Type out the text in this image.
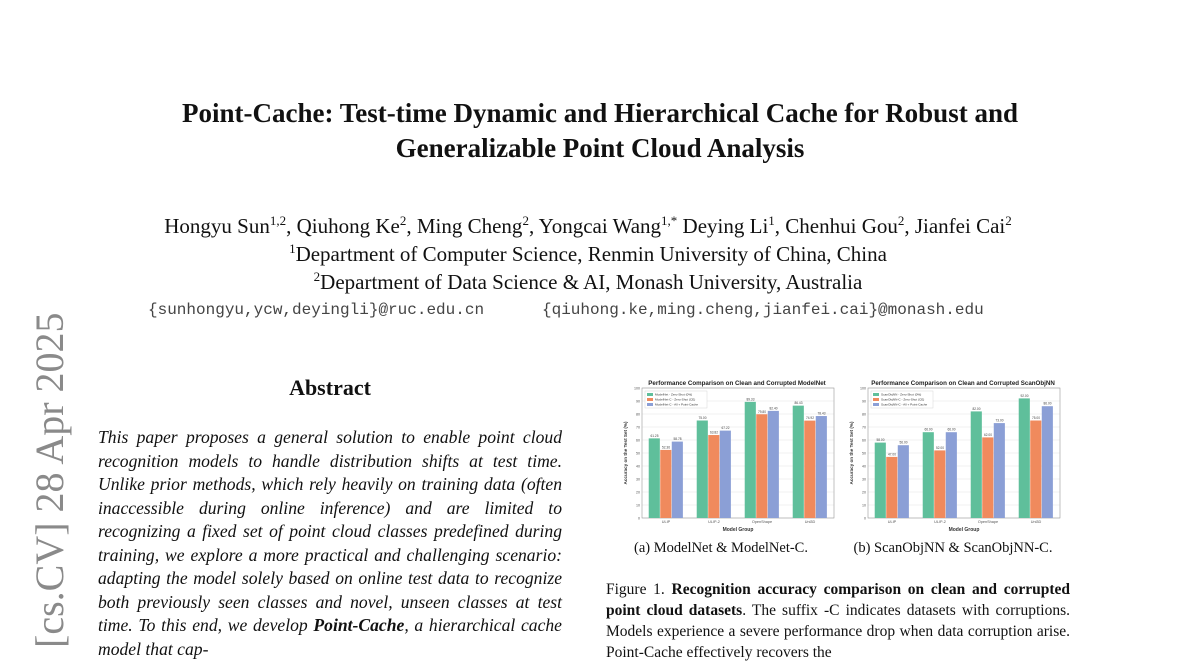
Point-Cache: Test-time Dynamic and Hierarchical Cache for Robust and
Generalizable Point Cloud Analysis
Hongyu Sun$^{1,2}$, Qiuhong Ke$^2$, Ming Cheng$^2$, Yongcai Wang$^{1,*}$ Deying Li$^1$, Chenhui Gou$^2$, Jianfei Cai$^2$
$^1$Department of Computer Science, Renmin University of China, China
$^2$Department of Data Science & AI, Monash University, Australia
{sunhongyu,ycw,deyingli}@ruc.edu.cn	{qiuhong.ke,ming.cheng,jianfei.cai}@monash.edu
[cs.CV] 28 Apr 2025	Abstract
This paper proposes a general solution to enable point cloud recognition models to handle distribution shifts at test time. Unlike prior methods, which rely heavily on training data (often inaccessible during online inference) and are limited to recognizing a fixed set of point cloud classes predefined during training, we explore a more practical and challenging scenario: adapting the model solely based on online test data to recognize both previously seen classes and novel, unseen classes at test time. To this end, we develop Point-Cache, a hierarchical cache model that cap-
Performance Comparison on Clean and Corrupted ModelNet
0
10
20
30
40
50
60
70
80
90
100
Accuracy on the Test Set (%)
Model Group
61.25
52.36
58.78
ULIP
75.00
63.82
67.22
ULIP-2
89.33
79.80
82.40
OpenShape
86.43
74.92
78.43
Uni3D
ModelNet - Zero-Shot (0%)
ModelNet-C - Zero-Shot (CE)
ModelNet-C - All + Point-Cache
Performance Comparison on Clean and Corrupted ScanObjNN
0
10
20
30
40
50
60
70
80
90
100
Accuracy on the Test Set (%)
Model Group
58.00
47.00
56.00
ULIP
66.00
52.00
66.00
ULIP-2
82.00
62.00
73.00
OpenShape
92.00
75.00
86.00
Uni3D
ScanObjNN - Zero-Shot (0%)
ScanObjNN-C - Zero-Shot (CE)
ScanObjNN-C - All + Point-Cache
(a) ModelNet & ModelNet-C.	(b) ScanObjNN & ScanObjNN-C.
Figure 1. Recognition accuracy comparison on clean and corrupted point cloud datasets. The suffix -C indicates datasets with corruptions. Models experience a severe performance drop when data corruption arise. Point-Cache effectively recovers the
